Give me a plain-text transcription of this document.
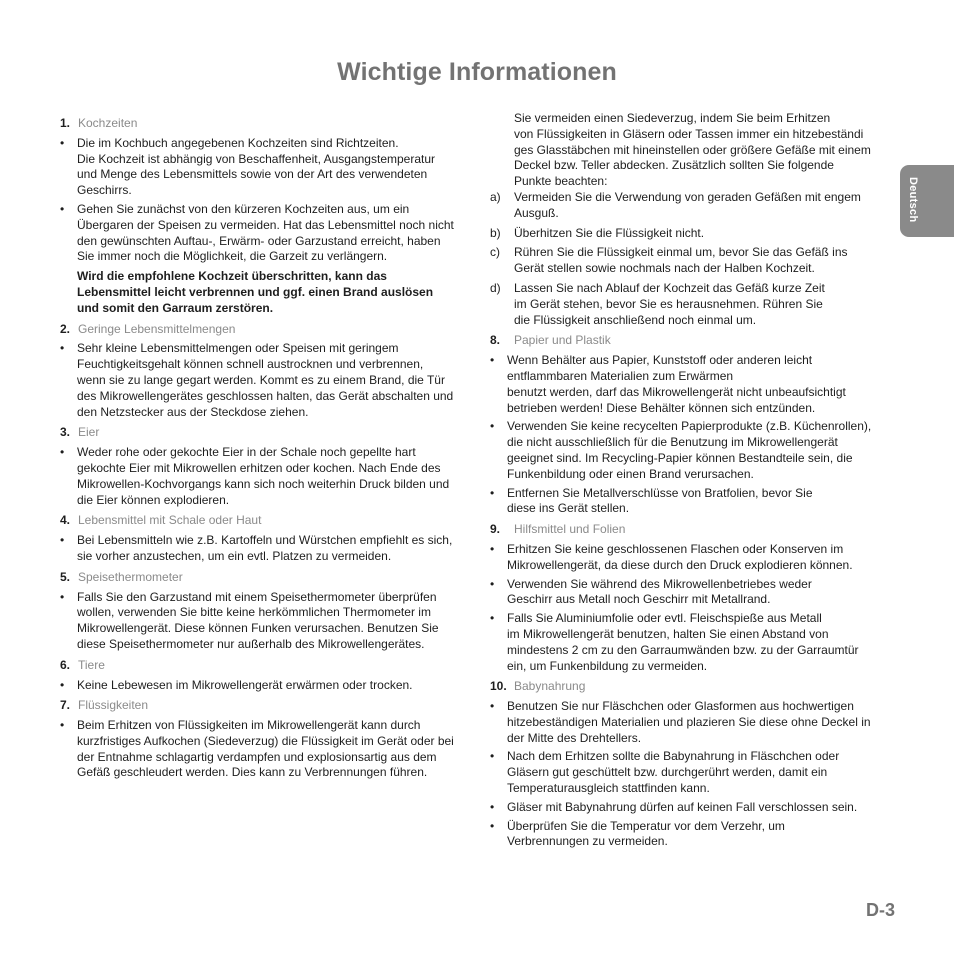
Wichtige Informationen
Deutsch
1. Kochzeiten
• Die im Kochbuch angegebenen Kochzeiten sind Richtzeiten.
Die Kochzeit ist abhängig von Beschaffenheit, Ausgangstemperatur
und Menge des Lebensmittels sowie von der Art des verwendeten
Geschirrs.
• Gehen Sie zunächst von den kürzeren Kochzeiten aus, um ein
Übergaren der Speisen zu vermeiden. Hat das Lebensmittel noch nicht
den gewünschten Auftau-, Erwärm- oder Garzustand erreicht, haben
Sie immer noch die Möglichkeit, die Garzeit zu verlängern.
Wird die empfohlene Kochzeit überschritten, kann das
Lebensmittel leicht verbrennen und ggf. einen Brand auslösen
und somit den Garraum zerstören.
2. Geringe Lebensmittelmengen
• Sehr kleine Lebensmittelmengen oder Speisen mit geringem
Feuchtigkeitsgehalt können schnell austrocknen und verbrennen,
wenn sie zu lange gegart werden. Kommt es zu einem Brand, die Tür
des Mikrowellengerätes geschlossen halten, das Gerät abschalten und
den Netzstecker aus der Steckdose ziehen.
3. Eier
• Weder rohe oder gekochte Eier in der Schale noch gepellte hart
gekochte Eier mit Mikrowellen erhitzen oder kochen. Nach Ende des
Mikrowellen-Kochvorgangs kann sich noch weiterhin Druck bilden und
die Eier können explodieren.
4. Lebensmittel mit Schale oder Haut
• Bei Lebensmitteln wie z.B. Kartoffeln und Würstchen empfiehlt es sich,
sie vorher anzustechen, um ein evtl. Platzen zu vermeiden.
5. Speisethermometer
• Falls Sie den Garzustand mit einem Speisethermometer überprüfen
wollen, verwenden Sie bitte keine herkömmlichen Thermometer im
Mikrowellengerät. Diese können Funken verursachen. Benutzen Sie
diese Speisethermometer nur außerhalb des Mikrowellengerätes.
6. Tiere
• Keine Lebewesen im Mikrowellengerät erwärmen oder trocken.
7. Flüssigkeiten
• Beim Erhitzen von Flüssigkeiten im Mikrowellengerät kann durch
kurzfristiges Aufkochen (Siedeverzug) die Flüssigkeit im Gerät oder bei
der Entnahme schlagartig verdampfen und explosionsartig aus dem
Gefäß geschleudert werden. Dies kann zu Verbrennungen führen.
Sie vermeiden einen Siedeverzug, indem Sie beim Erhitzen
von Flüssigkeiten in Gläsern oder Tassen immer ein hitzebeständi
ges Glasstäbchen mit hineinstellen oder größere Gefäße mit einem
Deckel bzw. Teller abdecken. Zusätzlich sollten Sie folgende
Punkte beachten:
a) Vermeiden Sie die Verwendung von geraden Gefäßen mit engem
Ausguß.
b) Überhitzen Sie die Flüssigkeit nicht.
c) Rühren Sie die Flüssigkeit einmal um, bevor Sie das Gefäß ins
Gerät stellen sowie nochmals nach der Halben Kochzeit.
d) Lassen Sie nach Ablauf der Kochzeit das Gefäß kurze Zeit
im Gerät stehen, bevor Sie es herausnehmen. Rühren Sie
die Flüssigkeit anschließend noch einmal um.
8. Papier und Plastik
• Wenn Behälter aus Papier, Kunststoff oder anderen leicht
entflammbaren Materialien zum Erwärmen
benutzt werden, darf das Mikrowellengerät nicht unbeaufsichtigt
betrieben werden! Diese Behälter können sich entzünden.
• Verwenden Sie keine recycelten Papierprodukte (z.B. Küchenrollen),
die nicht ausschließlich für die Benutzung im Mikrowellengerät
geeignet sind. Im Recycling-Papier können Bestandteile sein, die
Funkenbildung oder einen Brand verursachen.
• Entfernen Sie Metallverschlüsse von Bratfolien, bevor Sie
diese ins Gerät stellen.
9. Hilfsmittel und Folien
• Erhitzen Sie keine geschlossenen Flaschen oder Konserven im
Mikrowellengerät, da diese durch den Druck explodieren können.
• Verwenden Sie während des Mikrowellenbetriebes weder
Geschirr aus Metall noch Geschirr mit Metallrand.
• Falls Sie Aluminiumfolie oder evtl. Fleischspieße aus Metall
im Mikrowellengerät benutzen, halten Sie einen Abstand von
mindestens 2 cm zu den Garraumwänden bzw. zu der Garraumtür
ein, um Funkenbildung zu vermeiden.
10. Babynahrung
• Benutzen Sie nur Fläschchen oder Glasformen aus hochwertigen
hitzebeständigen Materialien und plazieren Sie diese ohne Deckel in
der Mitte des Drehtellers.
• Nach dem Erhitzen sollte die Babynahrung in Fläschchen oder
Gläsern gut geschüttelt bzw. durchgerührt werden, damit ein
Temperaturausgleich stattfinden kann.
• Gläser mit Babynahrung dürfen auf keinen Fall verschlossen sein.
• Überprüfen Sie die Temperatur vor dem Verzehr, um
Verbrennungen zu vermeiden.
D-3
